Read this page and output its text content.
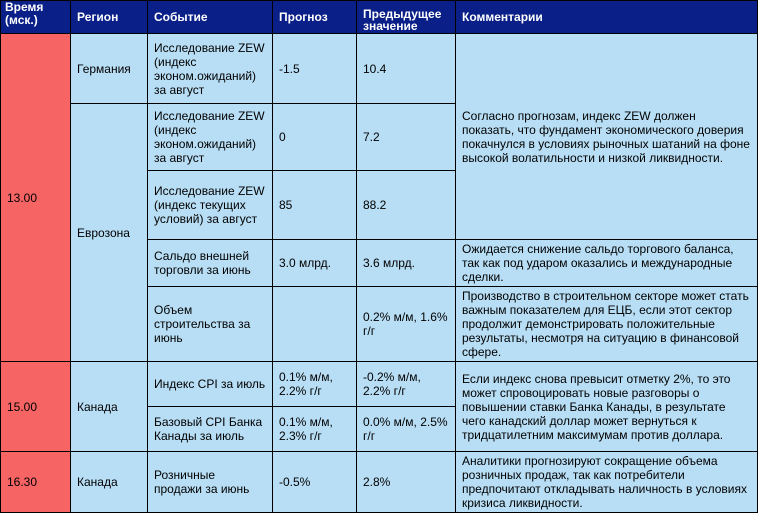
Время (мск.)	Регион	Событие	Прогноз	Предыдущее значение	Комментарии
13.00	Германия	Исследование ZEW (индекс эконом.ожиданий) за август	-1.5	10.4	Согласно прогнозам, индекс ZEW должен показать, что фундамент экономического доверия покачнулся в условиях рыночных шатаний на фоне высокой волатильности и низкой ликвидности.
	Еврозона	Исследование ZEW (индекс эконом.ожиданий) за август	0	7.2	
		Исследование ZEW (индекс текущих условий) за август	85	88.2	
		Сальдо внешней торговли за июнь	3.0 млрд.	3.6 млрд.	Ожидается снижение сальдо торгового баланса, так как под ударом оказались и международные сделки.
		Объем строительства за июнь		0.2% м/м, 1.6% г/г	Производство в строительном секторе может стать важным показателем для ЕЦБ, если этот сектор продолжит демонстрировать положительные результаты, несмотря на ситуацию в финансовой сфере.
15.00	Канада	Индекс CPI за июль	0.1% м/м, 2.2% г/г	-0.2% м/м, 2.2% г/г	Если индекс снова превысит отметку 2%, то это может спровоцировать новые разговоры о повышении ставки Банка Канады, в результате чего канадский доллар может вернуться к тридцатилетним максимумам против доллара.
		Базовый CPI Банка Канады за июль	0.1% м/м, 2.3% г/г	0.0% м/м, 2.5% г/г	
16.30	Канада	Розничные продажи за июнь	-0.5%	2.8%	Аналитики прогнозируют сокращение объема розничных продаж, так как потребители предпочитают откладывать наличность в условиях кризиса ликвидности.
